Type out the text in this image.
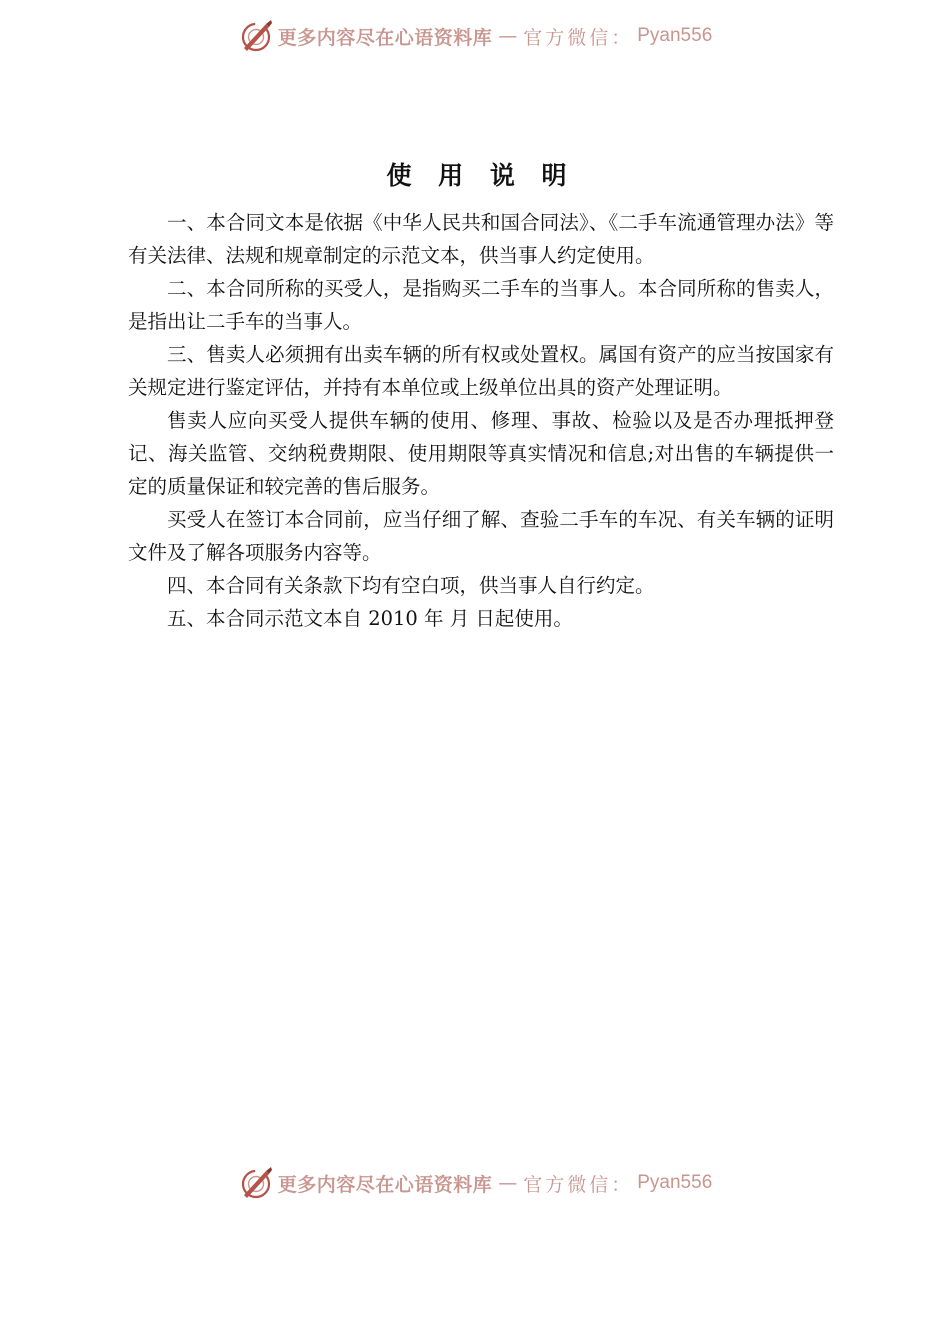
更多内容尽在心语资料库 — 官方微信： Pyan556
使 用 说 明

一、本合同文本是依据《中华人民共和国合同法》、《二手车流通管理办法》等有关法律、法规和规章制定的示范文本，供当事人约定使用。

二、本合同所称的买受人，是指购买二手车的当事人。本合同所称的售卖人，是指出让二手车的当事人。

三、售卖人必须拥有出卖车辆的所有权或处置权。属国有资产的应当按国家有关规定进行鉴定评估，并持有本单位或上级单位出具的资产处理证明。

售卖人应向买受人提供车辆的使用、修理、事故、检验以及是否办理抵押登记、海关监管、交纳税费期限、使用期限等真实情况和信息;对出售的车辆提供一定的质量保证和较完善的售后服务。

买受人在签订本合同前，应当仔细了解、查验二手车的车况、有关车辆的证明文件及了解各项服务内容等。

四、本合同有关条款下均有空白项，供当事人自行约定。

五、本合同示范文本自 2010 年 月 日起使用。

更多内容尽在心语资料库 — 官方微信： Pyan556
